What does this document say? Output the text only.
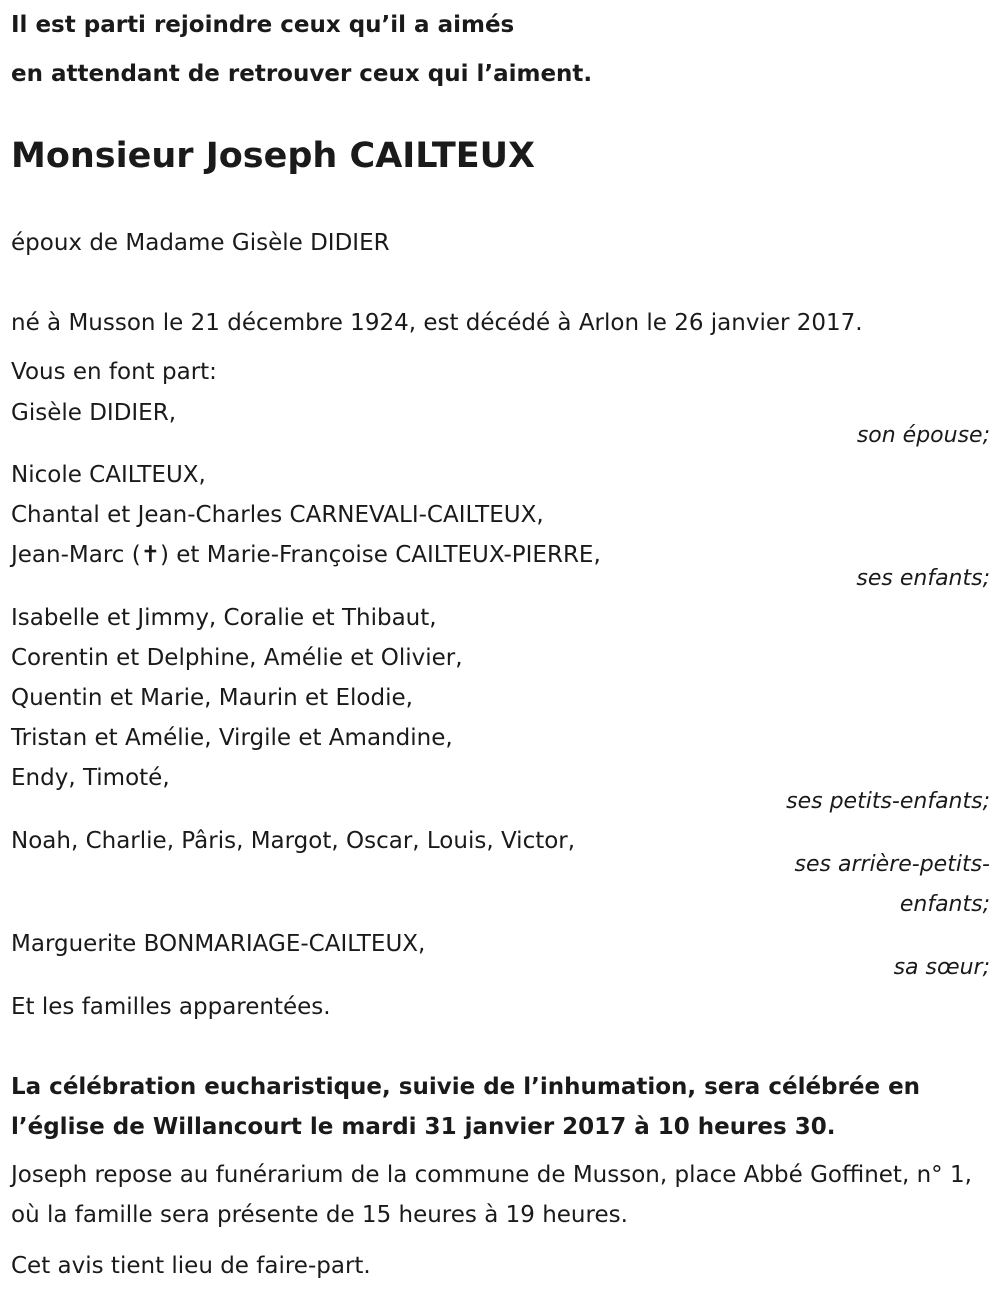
Il est parti rejoindre ceux qu’il a aimés

en attendant de retrouver ceux qui l’aiment.

Monsieur Joseph CAILTEUX

époux de Madame Gisèle DIDIER

né à Musson le 21 décembre 1924, est décédé à Arlon le 26 janvier 2017.

Vous en font part:

Gisèle DIDIER,

son épouse;

Nicole CAILTEUX,

Chantal et Jean-Charles CARNEVALI-CAILTEUX,

Jean-Marc (✝) et Marie-Françoise CAILTEUX-PIERRE,

ses enfants;

Isabelle et Jimmy, Coralie et Thibaut,

Corentin et Delphine, Amélie et Olivier,

Quentin et Marie, Maurin et Elodie,

Tristan et Amélie, Virgile et Amandine,

Endy, Timoté,

ses petits-enfants;

Noah, Charlie, Pâris, Margot, Oscar, Louis, Victor,

ses arrière-petits-

enfants;

Marguerite BONMARIAGE-CAILTEUX,

sa sœur;

Et les familles apparentées.

La célébration eucharistique, suivie de l’inhumation, sera célébrée en l’église de Willancourt le mardi 31 janvier 2017 à 10 heures 30.

Joseph repose au funérarium de la commune de Musson, place Abbé Goffinet, n° 1, où la famille sera présente de 15 heures à 19 heures.

Cet avis tient lieu de faire-part.
